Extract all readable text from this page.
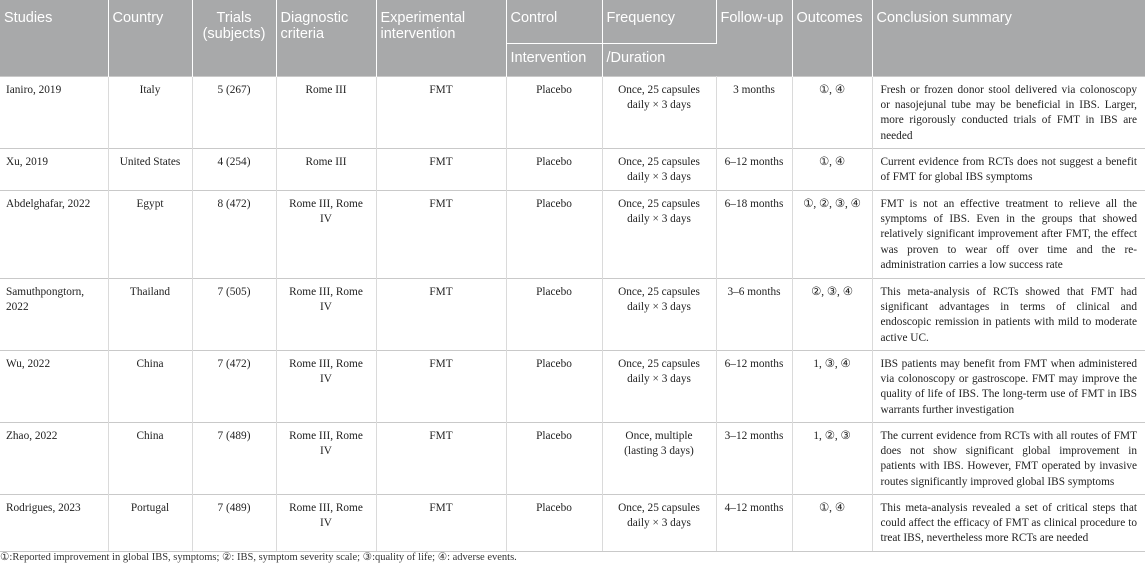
Studies	Country	Trials (subjects)	Diagnostic criteria	Experimental intervention	Control	Frequency	Follow-up	Outcomes	Conclusion summary
					Intervention	/Duration			
Ianiro, 2019	Italy	5 (267)	Rome III	FMT	Placebo	Once, 25 capsules daily × 3 days	3 months	①, ④	Fresh or frozen donor stool delivered via colonoscopy or nasojejunal tube may be beneficial in IBS. Larger, more rigorously conducted trials of FMT in IBS are needed
Xu, 2019	United States	4 (254)	Rome III	FMT	Placebo	Once, 25 capsules daily × 3 days	6–12 months	①, ④	Current evidence from RCTs does not suggest a benefit of FMT for global IBS symptoms
Abdelghafar, 2022	Egypt	8 (472)	Rome III, Rome IV	FMT	Placebo	Once, 25 capsules daily × 3 days	6–18 months	①, ②, ③, ④	FMT is not an effective treatment to relieve all the symptoms of IBS. Even in the groups that showed relatively significant improvement after FMT, the effect was proven to wear off over time and the re-administration carries a low success rate
Samuthpongtorn, 2022	Thailand	7 (505)	Rome III, Rome IV	FMT	Placebo	Once, 25 capsules daily × 3 days	3–6 months	②, ③, ④	This meta-analysis of RCTs showed that FMT had significant advantages in terms of clinical and endoscopic remission in patients with mild to moderate active UC.
Wu, 2022	China	7 (472)	Rome III, Rome IV	FMT	Placebo	Once, 25 capsules daily × 3 days	6–12 months	1, ③, ④	IBS patients may benefit from FMT when administered via colonoscopy or gastroscope. FMT may improve the quality of life of IBS. The long-term use of FMT in IBS warrants further investigation
Zhao, 2022	China	7 (489)	Rome III, Rome IV	FMT	Placebo	Once, multiple (lasting 3 days)	3–12 months	1, ②, ③	The current evidence from RCTs with all routes of FMT does not show significant global improvement in patients with IBS. However, FMT operated by invasive routes significantly improved global IBS symptoms
Rodrigues, 2023	Portugal	7 (489)	Rome III, Rome IV	FMT	Placebo	Once, 25 capsules daily × 3 days	4–12 months	①, ④	This meta-analysis revealed a set of critical steps that could affect the efficacy of FMT as clinical procedure to treat IBS, nevertheless more RCTs are needed
①:Reported improvement in global IBS, symptoms; ②: IBS, symptom severity scale; ③:quality of life; ④: adverse events.
